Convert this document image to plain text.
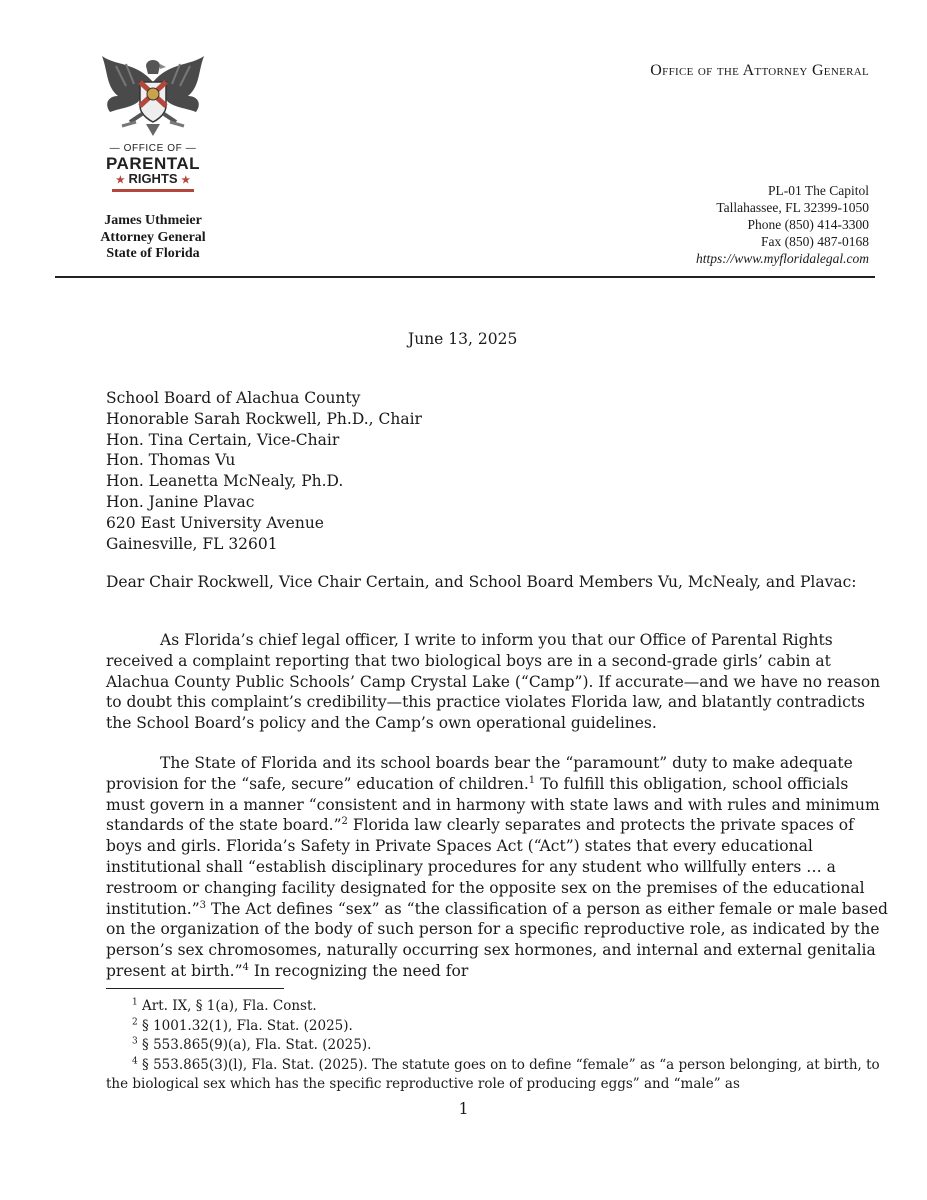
— OFFICE OF —
PARENTAL
★ RIGHTS ★
James Uthmeier
Attorney General
State of Florida
Office of the Attorney General
PL-01 The Capitol
Tallahassee, FL 32399-1050
Phone (850) 414-3300
Fax (850) 487-0168
https://www.myfloridalegal.com
June 13, 2025
School Board of Alachua County
Honorable Sarah Rockwell, Ph.D., Chair
Hon. Tina Certain, Vice-Chair
Hon. Thomas Vu
Hon. Leanetta McNealy, Ph.D.
Hon. Janine Plavac
620 East University Avenue
Gainesville, FL 32601

Dear Chair Rockwell, Vice Chair Certain, and School Board Members Vu, McNealy, and Plavac:

As Florida’s chief legal officer, I write to inform you that our Office of Parental Rights received a complaint reporting that two biological boys are in a second-grade girls’ cabin at Alachua County Public Schools’ Camp Crystal Lake (“Camp”). If accurate—and we have no reason to doubt this complaint’s credibility—this practice violates Florida law, and blatantly contradicts the School Board’s policy and the Camp’s own operational guidelines.

The State of Florida and its school boards bear the “paramount” duty to make adequate provision for the “safe, secure” education of children.$^1$ To fulfill this obligation, school officials must govern in a manner “consistent and in harmony with state laws and with rules and minimum standards of the state board.”$^2$ Florida law clearly separates and protects the private spaces of boys and girls. Florida’s Safety in Private Spaces Act (“Act”) states that every educational institutional shall “establish disciplinary procedures for any student who willfully enters … a restroom or changing facility designated for the opposite sex on the premises of the educational institution.”$^3$ The Act defines “sex” as “the classification of a person as either female or male based on the organization of the body of such person for a specific reproductive role, as indicated by the person’s sex chromosomes, naturally occurring sex hormones, and internal and external genitalia present at birth.”$^4$ In recognizing the need for

$^1$ Art. IX, § 1(a), Fla. Const.

$^2$ § 1001.32(1), Fla. Stat. (2025).

$^3$ § 553.865(9)(a), Fla. Stat. (2025).

$^4$ § 553.865(3)(l), Fla. Stat. (2025). The statute goes on to define “female” as “a person belonging, at birth, to the biological sex which has the specific reproductive role of producing eggs” and “male” as

1
